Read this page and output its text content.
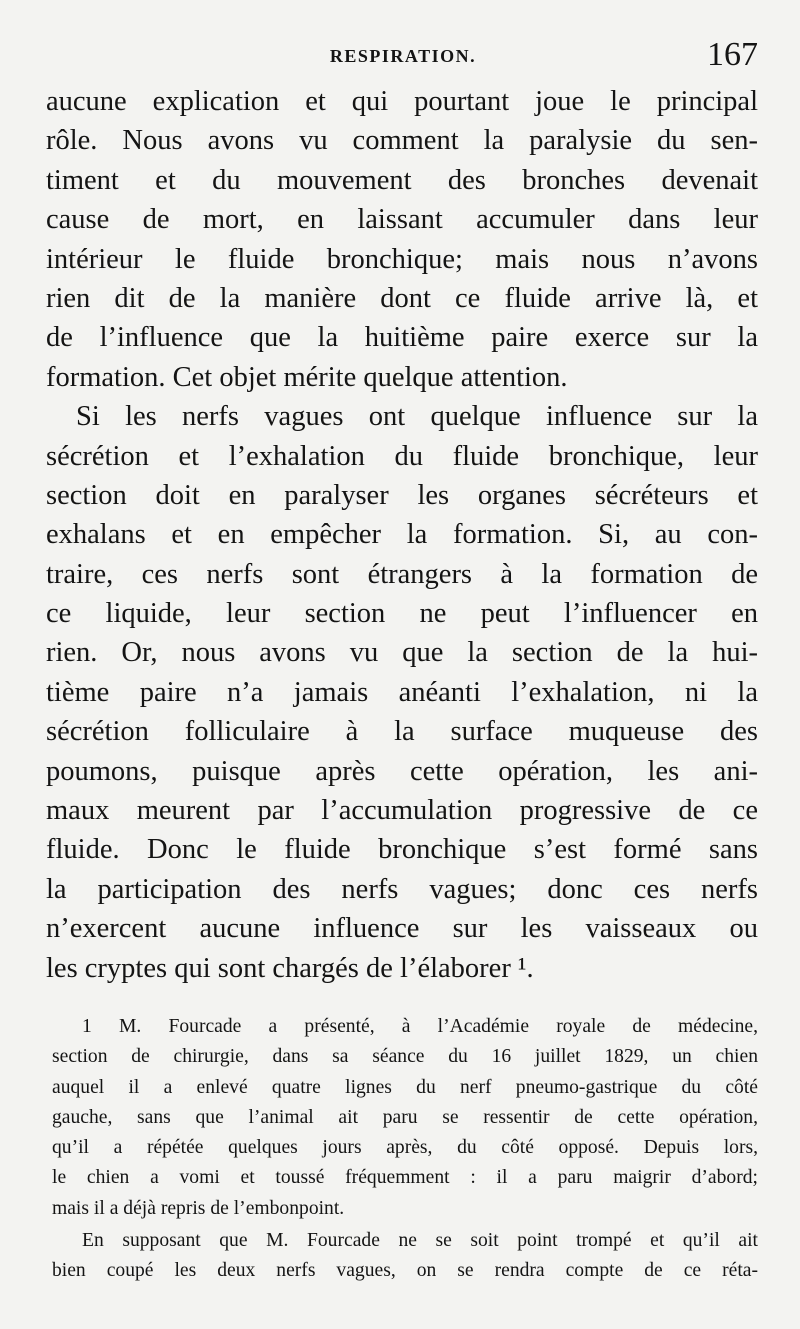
RESPIRATION.	167
aucune explication et qui pourtant joue le principal
rôle. Nous avons vu comment la paralysie du sen-
timent et du mouvement des bronches devenait
cause de mort, en laissant accumuler dans leur
intérieur le fluide bronchique; mais nous n’avons
rien dit de la manière dont ce fluide arrive là, et
de l’influence que la huitième paire exerce sur la
formation. Cet objet mérite quelque attention.
Si les nerfs vagues ont quelque influence sur la
sécrétion et l’exhalation du fluide bronchique, leur
section doit en paralyser les organes sécréteurs et
exhalans et en empêcher la formation. Si, au con-
traire, ces nerfs sont étrangers à la formation de
ce liquide, leur section ne peut l’influencer en
rien. Or, nous avons vu que la section de la hui-
tième paire n’a jamais anéanti l’exhalation, ni la
sécrétion folliculaire à la surface muqueuse des
poumons, puisque après cette opération, les ani-
maux meurent par l’accumulation progressive de ce
fluide. Donc le fluide bronchique s’est formé sans
la participation des nerfs vagues; donc ces nerfs
n’exercent aucune influence sur les vaisseaux ou
les cryptes qui sont chargés de l’élaborer ¹.
1 M. Fourcade a présenté, à l’Académie royale de médecine,
section de chirurgie, dans sa séance du 16 juillet 1829, un chien
auquel il a enlevé quatre lignes du nerf pneumo-gastrique du côté
gauche, sans que l’animal ait paru se ressentir de cette opération,
qu’il a répétée quelques jours après, du côté opposé. Depuis lors,
le chien a vomi et toussé fréquemment : il a paru maigrir d’abord;
mais il a déjà repris de l’embonpoint.
En supposant que M. Fourcade ne se soit point trompé et qu’il ait
bien coupé les deux nerfs vagues, on se rendra compte de ce réta-
